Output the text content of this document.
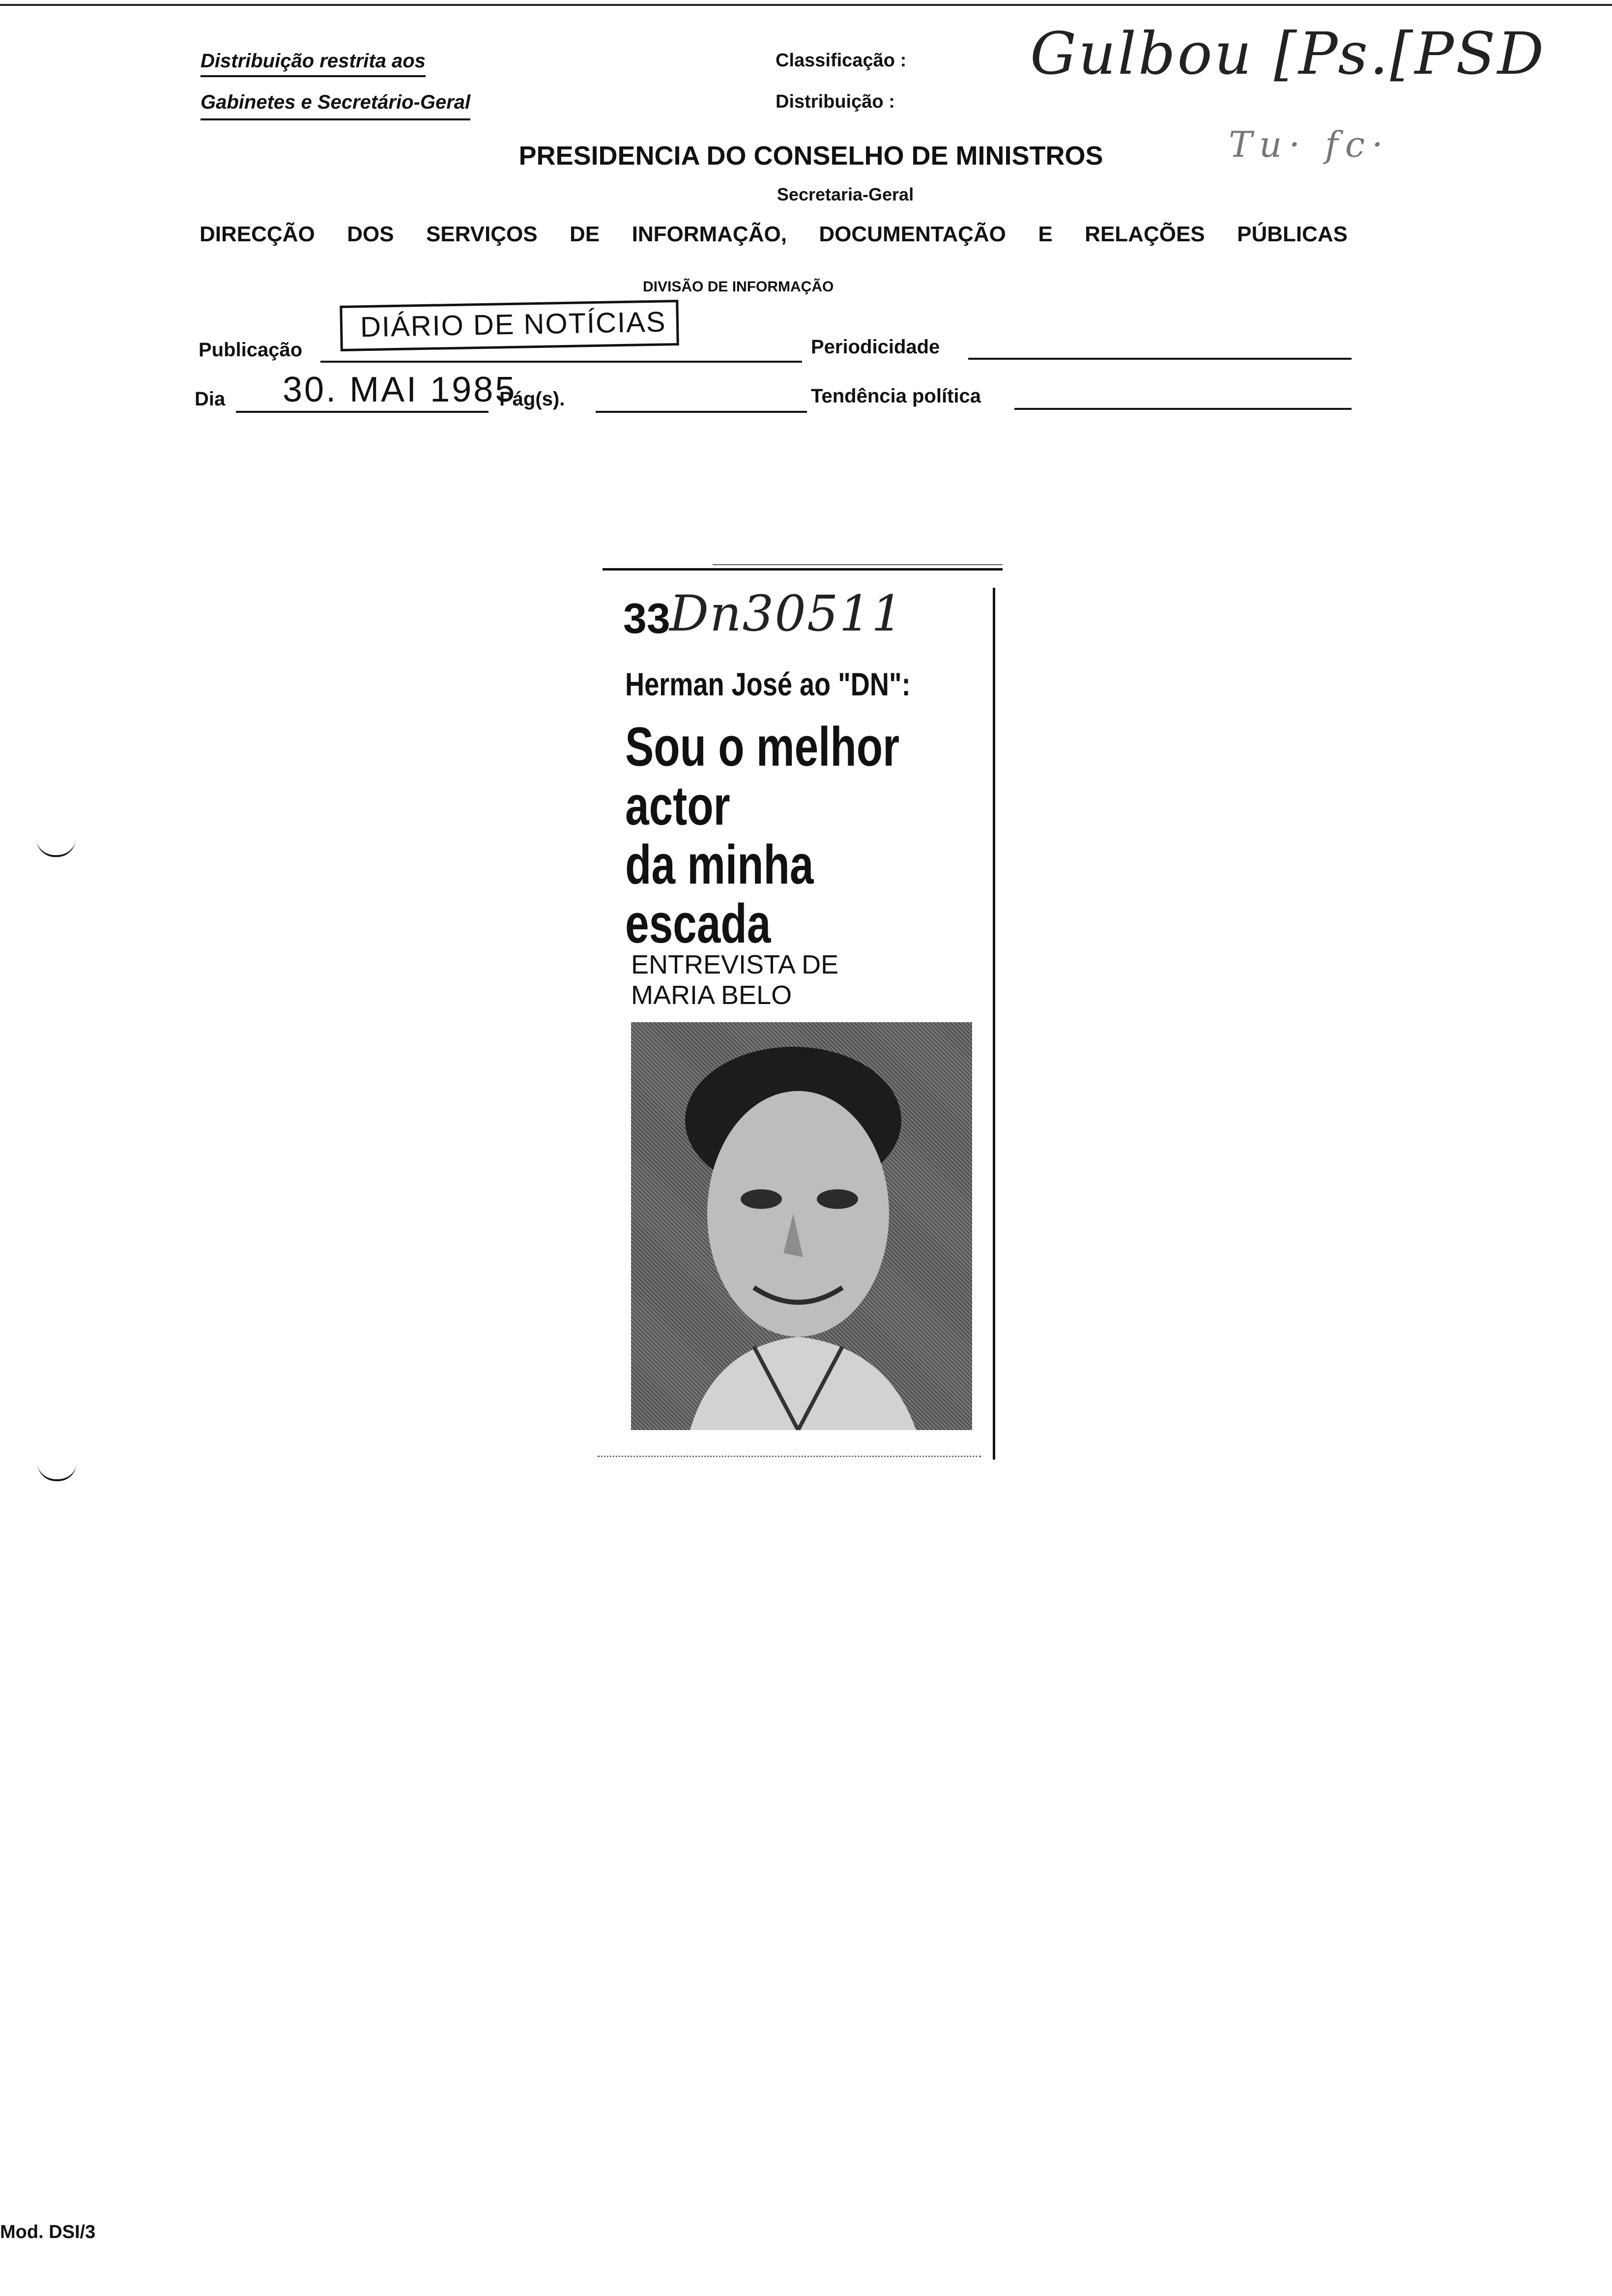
Distribuição restrita aos
Gabinetes e Secretário-Geral
Classificação :
Distribuição :
Gulbou [Ps.[PSD
Tu· fc·
PRESIDENCIA DO CONSELHO DE MINISTROS
Secretaria-Geral
DIRECÇÃO DOS SERVIÇOS DE INFORMAÇÃO, DOCUMENTAÇÃO E RELAÇÕES PÚBLICAS
DIVISÃO DE INFORMAÇÃO
Publicação
DIÁRIO DE NOTÍCIAS
Periodicidade
Dia 30. MAI 1985
Pág(s).	Tendência política
33
Dn30511
Herman José ao "DN":
Sou o melhor
actor
da minha
escada
ENTREVISTA DE
MARIA BELO
Mod. DSI/3
